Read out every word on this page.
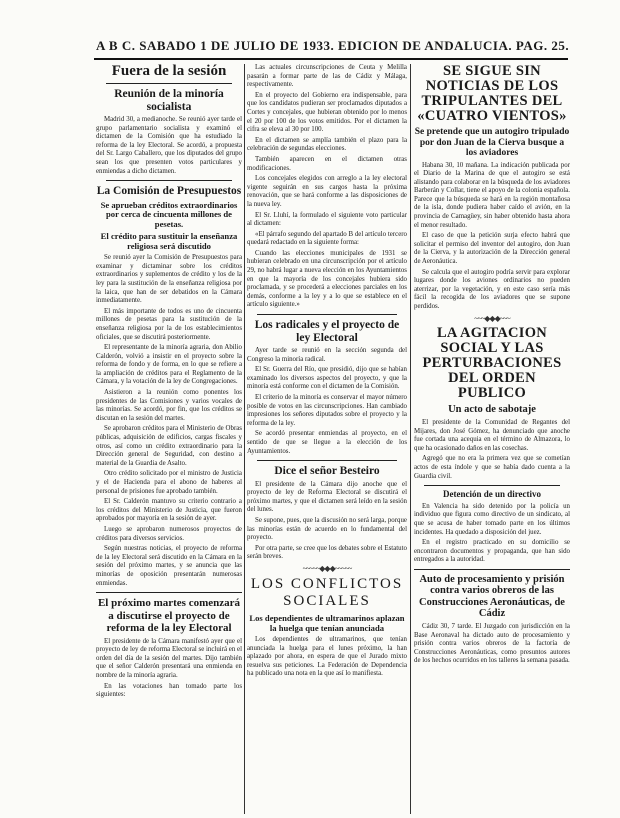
A B C. SABADO 1 DE JULIO DE 1933. EDICION DE ANDALUCIA. PAG. 25.
Fuera de la sesión
Reunión de la minoría socialista

Madrid 30, a medianoche. Se reunió ayer tarde el grupo parlamentario socialista y examinó el dictamen de la Comisión que ha estudiado la reforma de la ley Electoral. Se acordó, a propuesta del Sr. Largo Caballero, que los diputados del grupo sean los que presenten votos particulares y enmiendas a dicho dictamen.

La Comisión de Presupuestos
Se aprueban créditos extraordinarios por cerca de cincuenta millones de pesetas.
El crédito para sustituir la enseñanza religiosa será discutido

Se reunió ayer la Comisión de Presupuestos para examinar y dictaminar sobre los créditos extraordinarios y suplementos de crédito y los de la ley para la sustitución de la enseñanza religiosa por la laica, que han de ser debatidos en la Cámara inmediatamente.

El más importante de todos es uno de cincuenta millones de pesetas para la sustitución de la enseñanza religiosa por la de los establecimientos oficiales, que se discutirá posteriormente.

El representante de la minoría agraria, don Abilio Calderón, volvió a insistir en el proyecto sobre la reforma de fondo y de forma, en lo que se refiere a la ampliación de créditos para el Reglamento de la Cámara, y la votación de la ley de Congregaciones.

Asistieron a la reunión como ponentes los presidentes de las Comisiones y varios vocales de las minorías. Se acordó, por fin, que los créditos se discutan en la sesión del martes.

Se aprobaron créditos para el Ministerio de Obras públicas, adquisición de edificios, cargas fiscales y otros, así como un crédito extraordinario para la Dirección general de Seguridad, con destino a material de la Guardia de Asalto.

Otro crédito solicitado por el ministro de Justicia y el de Hacienda para el abono de haberes al personal de prisiones fue aprobado también.

El Sr. Calderón mantuvo su criterio contrario a los créditos del Ministerio de Justicia, que fueron aprobados por mayoría en la sesión de ayer.

Luego se aprobaron numerosos proyectos de créditos para diversos servicios.

Según nuestras noticias, el proyecto de reforma de la ley Electoral será discutido en la Cámara en la sesión del próximo martes, y se anuncia que las minorías de oposición presentarán numerosas enmiendas.

El próximo martes comenzará a discutirse el proyecto de reforma de la ley Electoral

El presidente de la Cámara manifestó ayer que el proyecto de ley de reforma Electoral se incluirá en el orden del día de la sesión del martes. Dijo también que el señor Calderón presentará una enmienda en nombre de la minoría agraria.

En las votaciones han tomado parte los siguientes:

Las actuales circunscripciones de Ceuta y Melilla pasarán a formar parte de las de Cádiz y Málaga, respectivamente.

En el proyecto del Gobierno era indispensable, para que los candidatos pudieran ser proclamados diputados a Cortes y concejales, que hubieran obtenido por lo menos el 20 por 100 de los votos emitidos. Por el dictamen la cifra se eleva al 30 por 100.

En el dictamen se amplía también el plazo para la celebración de segundas elecciones.

También aparecen en el dictamen otras modificaciones.

Los concejales elegidos con arreglo a la ley electoral vigente seguirán en sus cargos hasta la próxima renovación, que se hará conforme a las disposiciones de la nueva ley.

El Sr. Lluhí, la formulado el siguiente voto particular al dictamen:

«El párrafo segundo del apartado B del artículo tercero quedará redactado en la siguiente forma:

Cuando las elecciones municipales de 1931 se hubieran celebrado en una circunscripción por el artículo 29, no habrá lugar a nueva elección en los Ayuntamientos en que la mayoría de los concejales hubiera sido proclamada, y se procederá a elecciones parciales en los demás, conforme a la ley y a lo que se establece en el artículo siguiente.»

Los radicales y el proyecto de ley Electoral

Ayer tarde se reunió en la sección segunda del Congreso la minoría radical.

El Sr. Guerra del Río, que presidió, dijo que se habían examinado los diversos aspectos del proyecto, y que la minoría está conforme con el dictamen de la Comisión.

El criterio de la minoría es conservar el mayor número posible de votos en las circunscripciones. Han cambiado impresiones los señores diputados sobre el proyecto y la reforma de la ley.

Se acordó presentar enmiendas al proyecto, en el sentido de que se llegue a la elección de los Ayuntamientos.

Dice el señor Besteiro

El presidente de la Cámara dijo anoche que el proyecto de ley de Reforma Electoral se discutirá el próximo martes, y que el dictamen será leído en la sesión del lunes.

Se supone, pues, que la discusión no será larga, porque las minorías están de acuerdo en lo fundamental del proyecto.

Por otra parte, se cree que los debates sobre el Estatuto serán breves.

~~~~~◆◆◆~~~~~
LOS CONFLICTOS SOCIALES
Los dependientes de ultramarinos aplazan la huelga que tenían anunciada

Los dependientes de ultramarinos, que tenían anunciada la huelga para el lunes próximo, la han aplazado por ahora, en espera de que el Jurado mixto resuelva sus peticiones. La Federación de Dependencia ha publicado una nota en la que así lo manifiesta.

SE SIGUE SIN NOTICIAS DE LOS TRIPULANTES DEL «CUATRO VIENTOS»
Se pretende que un autogiro tripulado por don Juan de la Cierva busque a los aviadores

Habana 30, 10 mañana. La indicación publicada por el Diario de la Marina de que el autogiro se está alistando para colaborar en la búsqueda de los aviadores Barberán y Collar, tiene el apoyo de la colonia española. Parece que la búsqueda se hará en la región montañosa de la isla, donde pudiera haber caído el avión, en la provincia de Camagüey, sin haber obtenido hasta ahora el menor resultado.

El caso de que la petición surja efecto habrá que solicitar el permiso del inventor del autogiro, don Juan de la Cierva, y la autorización de la Dirección general de Aeronáutica.

Se calcula que el autogiro podría servir para explorar lugares donde los aviones ordinarios no pueden aterrizar, por la vegetación, y en este caso sería más fácil la recogida de los aviadores que se supone perdidos.

~~~◆◆◆~~~
LA AGITACION SOCIAL Y LAS PERTURBACIONES DEL ORDEN PUBLICO
Un acto de sabotaje

El presidente de la Comunidad de Regantes del Mijares, don José Gómez, ha denunciado que anoche fue cortada una acequia en el término de Almazora, lo que ha ocasionado daños en las cosechas.

Agregó que no era la primera vez que se cometían actos de esta índole y que se había dado cuenta a la Guardia civil.

Detención de un directivo

En Valencia ha sido detenido por la policía un individuo que figura como directivo de un sindicato, al que se acusa de haber tomado parte en los últimos incidentes. Ha quedado a disposición del juez.

En el registro practicado en su domicilio se encontraron documentos y propaganda, que han sido entregados a la autoridad.

Auto de procesamiento y prisión contra varios obreros de las Construcciones Aeronáuticas, de Cádiz

Cádiz 30, 7 tarde. El Juzgado con jurisdicción en la Base Aeronaval ha dictado auto de procesamiento y prisión contra varios obreros de la factoría de Construcciones Aeronáuticas, como presuntos autores de los hechos ocurridos en los talleres la semana pasada.
